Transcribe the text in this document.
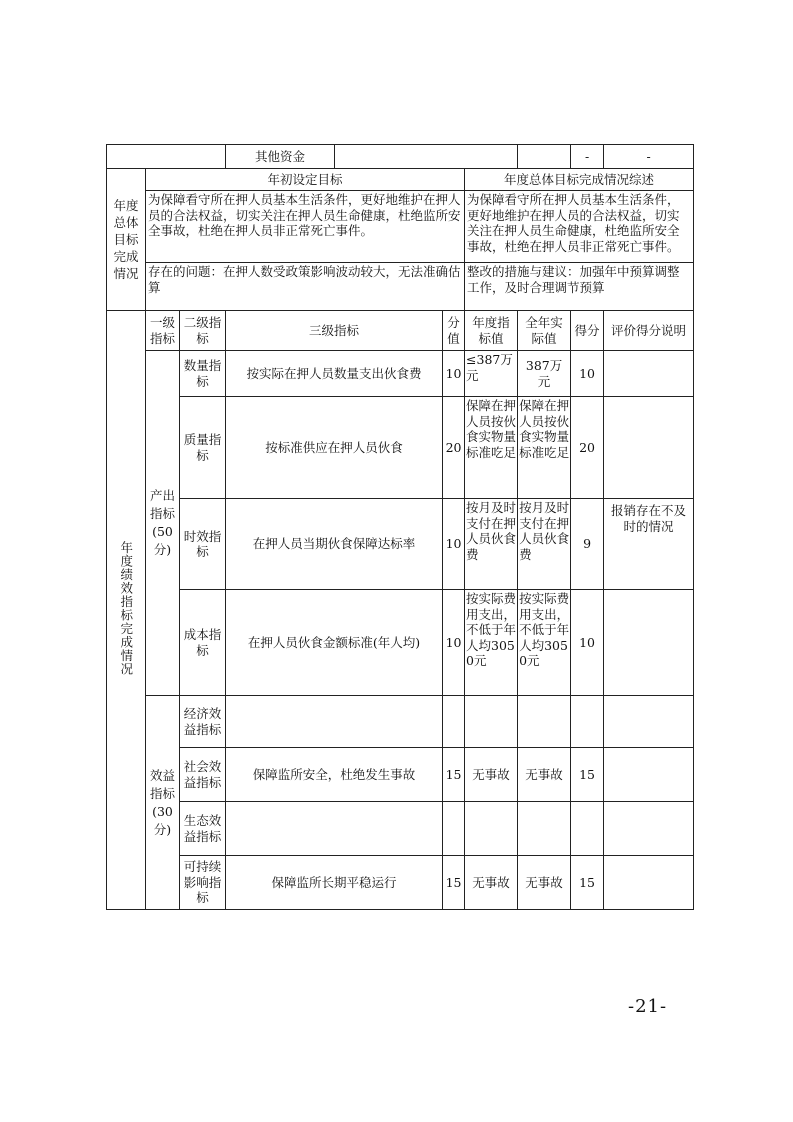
			其他资金					-	-

年度总体目标完成情况	年初设定目标					年度总体目标完成情况综述			
	为保障看守所在押人员基本生活条件，更好地维护在押人员的合法权益，切实关注在押人员生命健康，杜绝监所安全事故，杜绝在押人员非正常死亡事件。					为保障看守所在押人员基本生活条件，更好地维护在押人员的合法权益，切实关注在押人员生命健康，杜绝监所安全事故，杜绝在押人员非正常死亡事件。			
	存在的问题：在押人数受政策影响波动较大，无法准确估算					整改的措施与建议：加强年中预算调整工作，及时合理调节预算			
年度绩效指标完成情况	一级指标	二级指标	三级指标		分值	年度指标值	全年实际值	得分	评价得分说明

	产出指标(50分)	数量指标	按实际在押人员数量支出伙食费		10	≤387万元	387万元	10	
		质量指标	按标准供应在押人员伙食		20	保障在押人员按伙食实物量标准吃足	保障在押人员按伙食实物量标准吃足	20	
		时效指标	在押人员当期伙食保障达标率		10	按月及时支付在押人员伙食费	按月及时支付在押人员伙食费	9	报销存在不及时的情况
		成本指标	在押人员伙食金额标准(年人均)		10	按实际费用支出，不低于年人均3050元	按实际费用支出，不低于年人均3050元	10	

	效益指标(30分)	经济效益指标							
		社会效益指标	保障监所安全，杜绝发生事故		15	无事故	无事故	15	
		生态效益指标							
		可持续影响指标	保障监所长期平稳运行		15	无事故	无事故	15	
-21-
